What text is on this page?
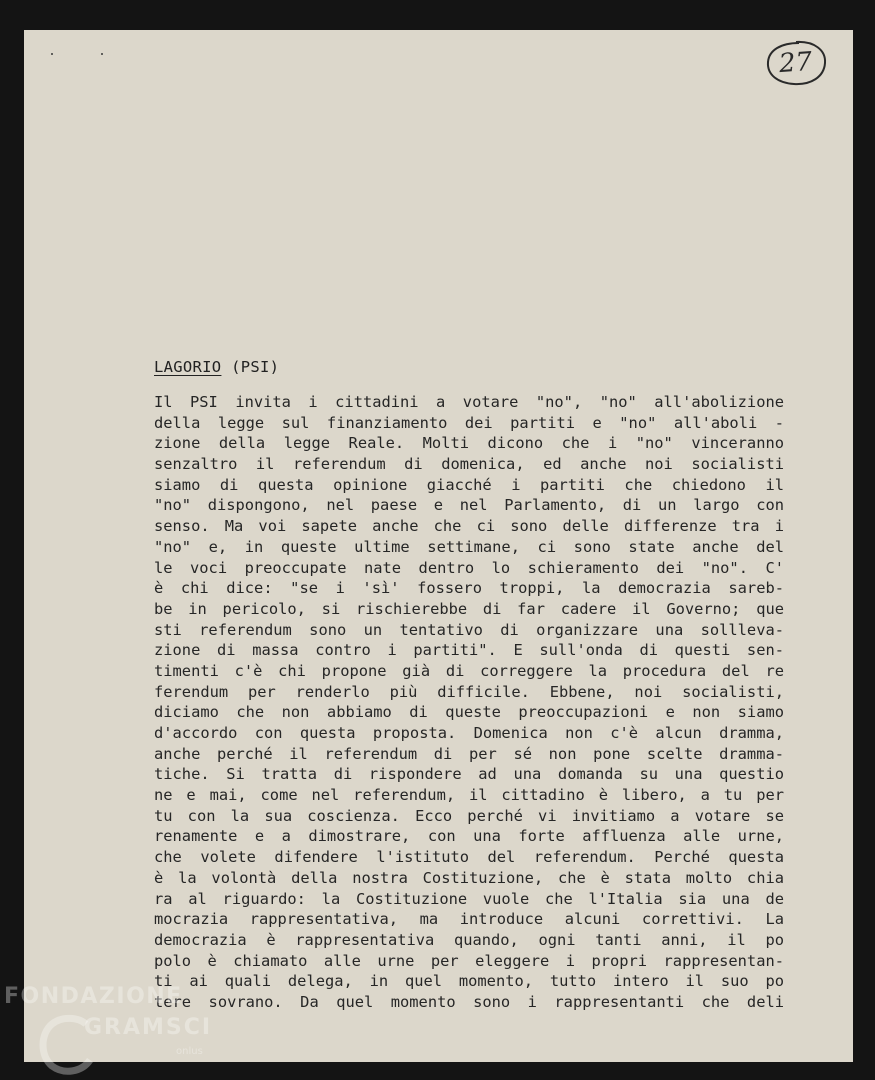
27
LAGORIO (PSI)
Il PSI invita i cittadini a votare "no", "no" all'abolizione
della legge sul finanziamento dei partiti e "no" all'aboli -
zione della legge Reale. Molti dicono che i "no" vinceranno
senzaltro il referendum di domenica, ed anche noi socialisti
siamo di questa opinione giacché i partiti che chiedono il
"no" dispongono, nel paese e nel Parlamento, di un largo con
senso. Ma voi sapete anche che ci sono delle differenze tra i
"no" e, in queste ultime settimane, ci sono state anche del
le voci preoccupate nate dentro lo schieramento dei "no". C'
è chi dice: "se i 'sì' fossero troppi, la democrazia sareb-
be in pericolo, si rischierebbe di far cadere il Governo; que
sti referendum sono un tentativo di organizzare una sollleva-
zione di massa contro i partiti". E sull'onda di questi sen-
timenti c'è chi propone già di correggere la procedura del re
ferendum per renderlo più difficile. Ebbene, noi socialisti,
diciamo che non abbiamo di queste preoccupazioni e non siamo
d'accordo con questa proposta. Domenica non c'è alcun dramma,
anche perché il referendum di per sé non pone scelte dramma-
tiche. Si tratta di rispondere ad una domanda su una questio
ne e mai, come nel referendum, il cittadino è libero, a tu per
tu con la sua coscienza. Ecco perché vi invitiamo a votare se
renamente e a dimostrare, con una forte affluenza alle urne,
che volete difendere l'istituto del referendum. Perché questa
è la volontà della nostra Costituzione, che è stata molto chia
ra al riguardo: la Costituzione vuole che l'Italia sia una de
mocrazia rappresentativa, ma introduce alcuni correttivi. La
democrazia è rappresentativa quando, ogni tanti anni, il po
polo è chiamato alle urne per eleggere i propri rappresentan-
ti ai quali delega, in quel momento, tutto intero il suo po
tere sovrano. Da quel momento sono i rappresentanti che deli
FONDAZIONE
GRAMSCI
onlus
